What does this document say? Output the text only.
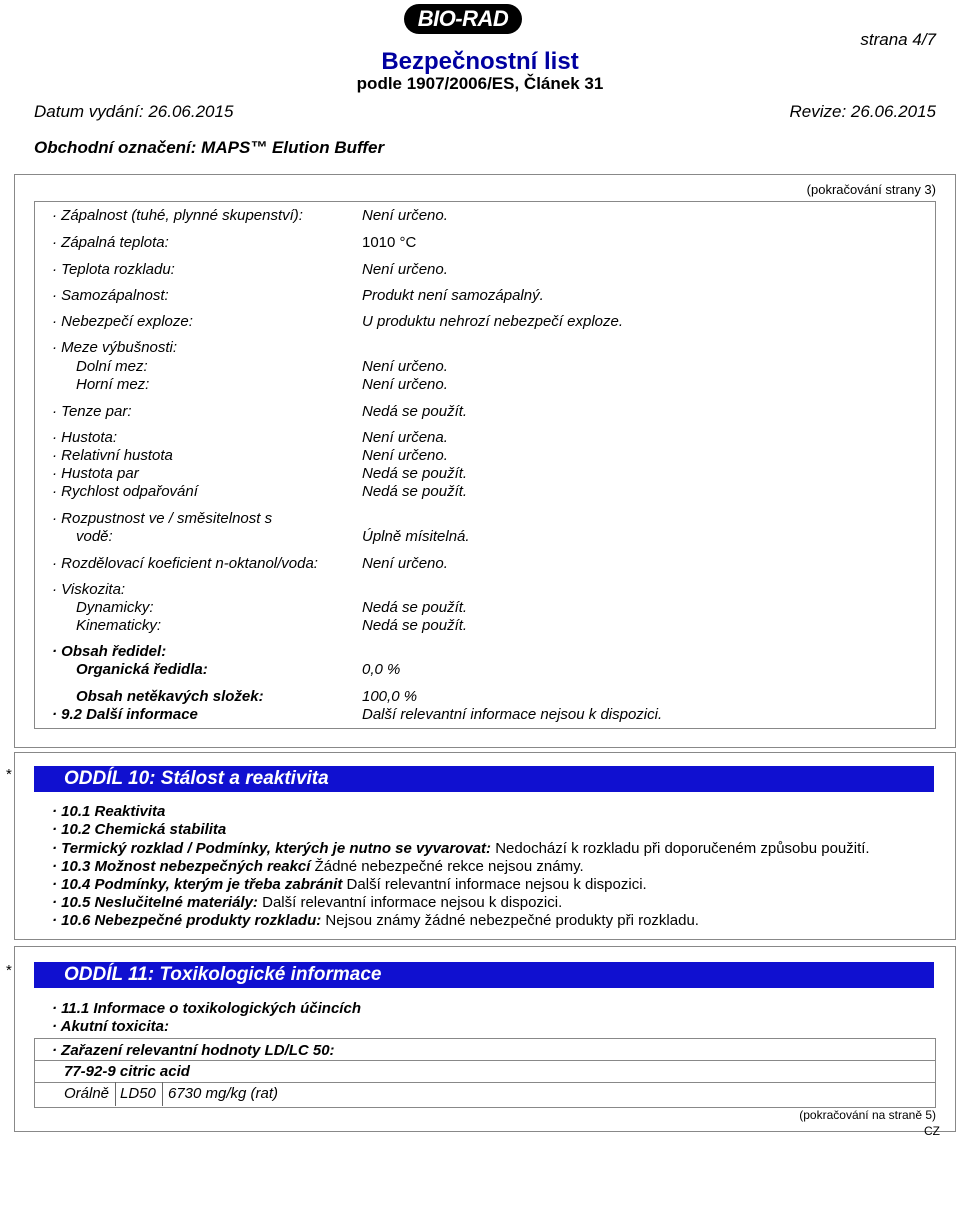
BIO-RAD
strana 4/7
Bezpečnostní list
podle 1907/2006/ES, Článek 31
Datum vydání: 26.06.2015	Revize: 26.06.2015
Obchodní označení: MAPS™ Elution Buffer
(pokračování strany 3)
· Zápalnost (tuhé, plynné skupenství):	Není určeno.
· Zápalná teplota:	1010 °C
· Teplota rozkladu:	Není určeno.
· Samozápalnost:	Produkt není samozápalný.
· Nebezpečí exploze:	U produktu nehrozí nebezpečí exploze.
· Meze výbušnosti:
Dolní mez:	Není určeno.
Horní mez:	Není určeno.
· Tenze par:	Nedá se použít.
· Hustota:	Není určena.
· Relativní hustota	Není určeno.
· Hustota par	Nedá se použít.
· Rychlost odpařování	Nedá se použít.
· Rozpustnost ve / směsitelnost s
vodě:	Úplně mísitelná.
· Rozdělovací koeficient n-oktanol/voda:	Není určeno.
· Viskozita:
Dynamicky:	Nedá se použít.
Kinematicky:	Nedá se použít.
· Obsah ředidel:
Organická ředidla:	0,0 %
Obsah netěkavých složek:	100,0 %
· 9.2 Další informace	Další relevantní informace nejsou k dispozici.
*	ODDÍL 10: Stálost a reaktivita
· 10.1 Reaktivita
· 10.2 Chemická stabilita
· Termický rozklad / Podmínky, kterých je nutno se vyvarovat: Nedochází k rozkladu při doporučeném způsobu použití.
· 10.3 Možnost nebezpečných reakcí Žádné nebezpečné rekce nejsou známy.
· 10.4 Podmínky, kterým je třeba zabránit Další relevantní informace nejsou k dispozici.
· 10.5 Neslučitelné materiály: Další relevantní informace nejsou k dispozici.
· 10.6 Nebezpečné produkty rozkladu: Nejsou známy žádné nebezpečné produkty při rozkladu.
*	ODDÍL 11: Toxikologické informace
· 11.1 Informace o toxikologických účincích
· Akutní toxicita:
· Zařazení relevantní hodnoty LD/LC 50:
77-92-9 citric acid
Orálně LD50 6730 mg/kg (rat)
(pokračování na straně 5)
CZ
